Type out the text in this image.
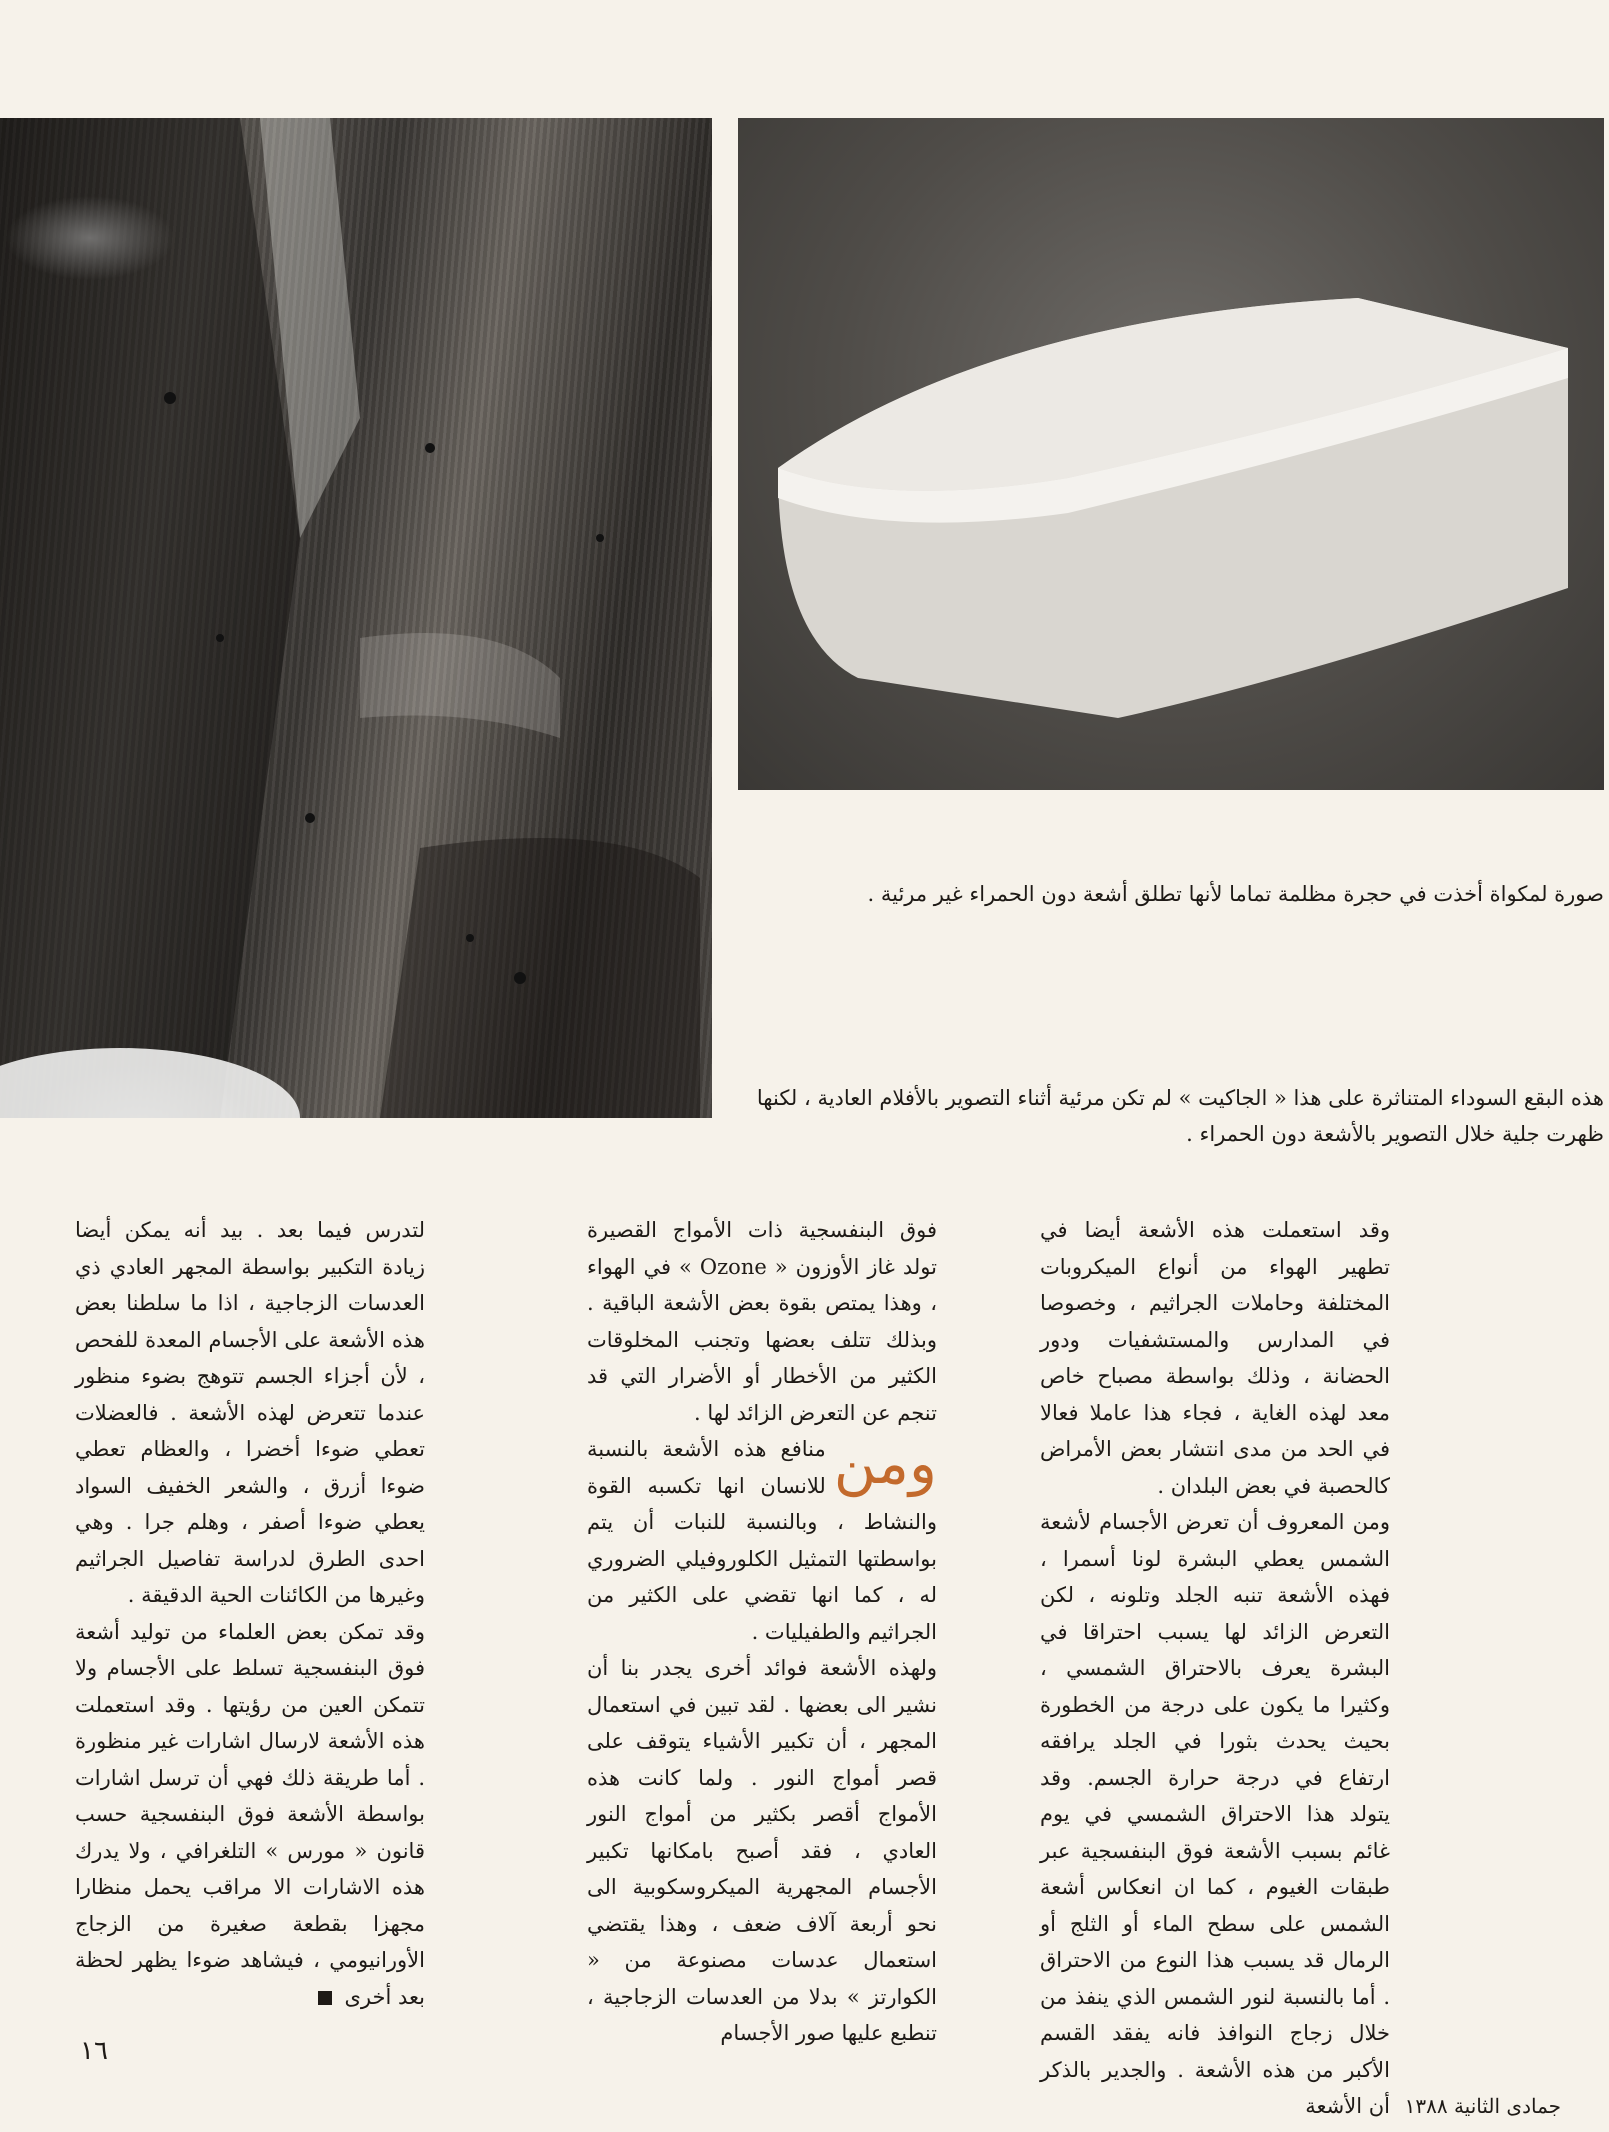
صورة لمكواة أخذت في حجرة مظلمة تماما لأنها تطلق أشعة دون الحمراء غير مرئية .

هذه البقع السوداء المتناثرة على هذا « الجاكيت » لم تكن مرئية أثناء التصوير بالأفلام العادية ، لكنها ظهرت جلية خلال التصوير بالأشعة دون الحمراء .

وقد استعملت هذه الأشعة أيضا في تطهير الهواء من أنواع الميكروبات المختلفة وحاملات الجراثيم ، وخصوصا في المدارس والمستشفيات ودور الحضانة ، وذلك بواسطة مصباح خاص معد لهذه الغاية ، فجاء هذا عاملا فعالا في الحد من مدى انتشار بعض الأمراض كالحصبة في بعض البلدان .

ومن المعروف أن تعرض الأجسام لأشعة الشمس يعطي البشرة لونا أسمرا ، فهذه الأشعة تنبه الجلد وتلونه ، لكن التعرض الزائد لها يسبب احتراقا في البشرة يعرف بالاحتراق الشمسي ، وكثيرا ما يكون على درجة من الخطورة بحيث يحدث بثورا في الجلد يرافقه ارتفاع في درجة حرارة الجسم. وقد يتولد هذا الاحتراق الشمسي في يوم غائم بسبب الأشعة فوق البنفسجية عبر طبقات الغيوم ، كما ان انعكاس أشعة الشمس على سطح الماء أو الثلج أو الرمال قد يسبب هذا النوع من الاحتراق . أما بالنسبة لنور الشمس الذي ينفذ من خلال زجاج النوافذ فانه يفقد القسم الأكبر من هذه الأشعة . والجدير بالذكر أن الأشعة

فوق البنفسجية ذات الأمواج القصيرة تولد غاز الأوزون « Ozone » في الهواء ، وهذا يمتص بقوة بعض الأشعة الباقية . وبذلك تتلف بعضها وتجنب المخلوقات الكثير من الأخطار أو الأضرار التي قد تنجم عن التعرض الزائد لها .

ومن
منافع هذه الأشعة بالنسبة للانسان انها تكسبه القوة والنشاط ، وبالنسبة للنبات أن يتم بواسطتها التمثيل الكلوروفيلي الضروري له ، كما انها تقضي على الكثير من الجراثيم والطفيليات .

ولهذه الأشعة فوائد أخرى يجدر بنا أن نشير الى بعضها . لقد تبين في استعمال المجهر ، أن تكبير الأشياء يتوقف على قصر أمواج النور . ولما كانت هذه الأمواج أقصر بكثير من أمواج النور العادي ، فقد أصبح بامكانها تكبير الأجسام المجهرية الميكروسكوبية الى نحو أربعة آلاف ضعف ، وهذا يقتضي استعمال عدسات مصنوعة من « الكوارتز » بدلا من العدسات الزجاجية ، تنطبع عليها صور الأجسام

لتدرس فيما بعد . بيد أنه يمكن أيضا زيادة التكبير بواسطة المجهر العادي ذي العدسات الزجاجية ، اذا ما سلطنا بعض هذه الأشعة على الأجسام المعدة للفحص ، لأن أجزاء الجسم تتوهج بضوء منظور عندما تتعرض لهذه الأشعة . فالعضلات تعطي ضوءا أخضرا ، والعظام تعطي ضوءا أزرق ، والشعر الخفيف السواد يعطي ضوءا أصفر ، وهلم جرا . وهي احدى الطرق لدراسة تفاصيل الجراثيم وغيرها من الكائنات الحية الدقيقة .

وقد تمكن بعض العلماء من توليد أشعة فوق البنفسجية تسلط على الأجسام ولا تتمكن العين من رؤيتها . وقد استعملت هذه الأشعة لارسال اشارات غير منظورة . أما طريقة ذلك فهي أن ترسل اشارات بواسطة الأشعة فوق البنفسجية حسب قانون « مورس » التلغرافي ، ولا يدرك هذه الاشارات الا مراقب يحمل منظارا مجهزا بقطعة صغيرة من الزجاج الأورانيومي ، فيشاهد ضوءا يظهر لحظة بعد أخرى

١٦
جمادى الثانية ١٣٨٨
